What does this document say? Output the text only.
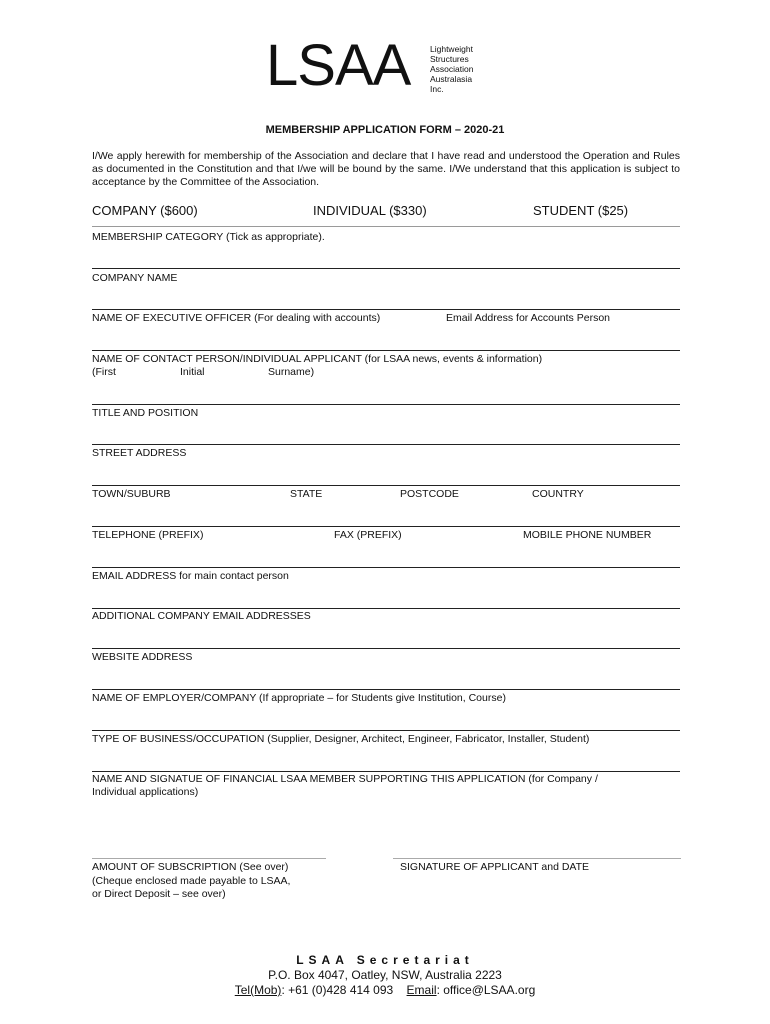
LSAA Lightweight
Structures
Association
Australasia
Inc.
MEMBERSHIP APPLICATION FORM – 2020-21
I/We apply herewith for membership of the Association and declare that I have read and understood the Operation and Rules as documented in the Constitution and that I/we will be bound by the same. I/We understand that this application is subject to acceptance by the Committee of the Association.
COMPANY ($600)	INDIVIDUAL ($330)	STUDENT ($25)
MEMBERSHIP CATEGORY (Tick as appropriate).
COMPANY NAME
NAME OF EXECUTIVE OFFICER (For dealing with accounts)	Email Address for Accounts Person
NAME OF CONTACT PERSON/INDIVIDUAL APPLICANT (for LSAA news, events & information)
(First	Initial	Surname)
TITLE AND POSITION
STREET ADDRESS
TOWN/SUBURB	STATE	POSTCODE	COUNTRY
TELEPHONE (PREFIX)	FAX (PREFIX)	MOBILE PHONE NUMBER
EMAIL ADDRESS for main contact person
ADDITIONAL COMPANY EMAIL ADDRESSES
WEBSITE ADDRESS
NAME OF EMPLOYER/COMPANY (If appropriate – for Students give Institution, Course)
TYPE OF BUSINESS/OCCUPATION (Supplier, Designer, Architect, Engineer, Fabricator, Installer, Student)
NAME AND SIGNATUE OF FINANCIAL LSAA MEMBER SUPPORTING THIS APPLICATION (for Company /
Individual applications)
AMOUNT OF SUBSCRIPTION (See over)
(Cheque enclosed made payable to LSAA,
or Direct Deposit – see over)
SIGNATURE OF APPLICANT and DATE
LSAA Secretariat
P.O. Box 4047, Oatley, NSW, Australia 2223
Tel(Mob): +61 (0)428 414 093 Email: office@LSAA.org
